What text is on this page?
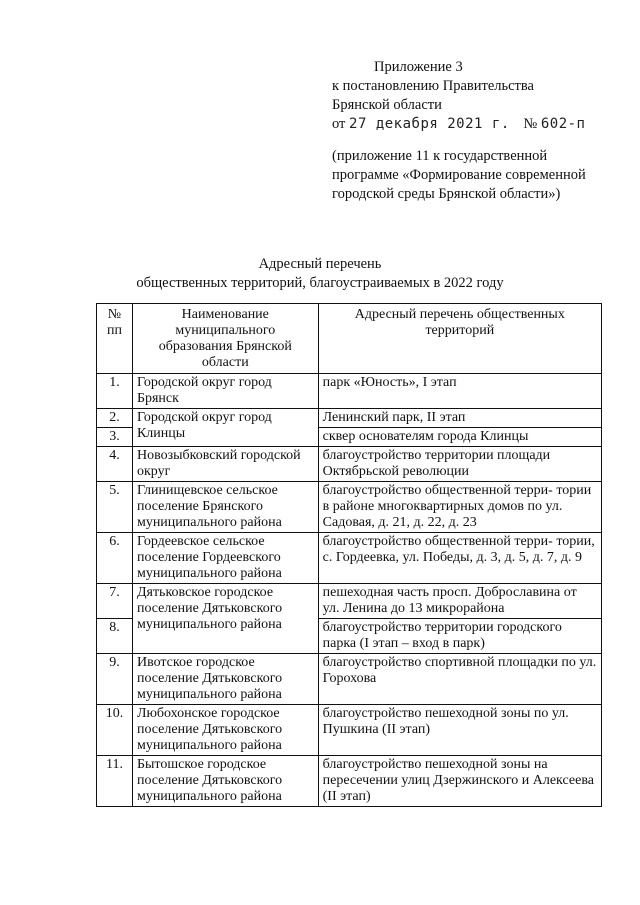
Приложение 3
к постановлению Правительства
Брянской области
от 27 декабря 2021 г. № 602-п
(приложение 11 к государственной
программе «Формирование современной
городской среды Брянской области»)
Адресный перечень
общественных территорий, благоустраиваемых в 2022 году
№ пп	Наименование муниципального образования Брянской области	Адресный перечень общественных территорий
1.	Городской округ город Брянск	парк «Юность», I этап
2.	Городской округ город Клинцы	Ленинский парк, II этап
3.		сквер основателям города Клинцы
4.	Новозыбковский городской округ	благоустройство территории площади Октябрьской революции
5.	Глинищевское сельское поселение Брянского муниципального района	благоустройство общественной терри- тории в районе многоквартирных домов по ул. Садовая, д. 21, д. 22, д. 23
6.	Гордеевское сельское поселение Гордеевского муниципального района	благоустройство общественной терри- тории, с. Гордеевка, ул. Победы, д. 3, д. 5, д. 7, д. 9
7.	Дятьковское городское поселение Дятьковского муниципального района	пешеходная часть просп. Доброславина от ул. Ленина до 13 микрорайона
8.		благоустройство территории городского парка (I этап – вход в парк)
9.	Ивотское городское поселение Дятьковского муниципального района	благоустройство спортивной площадки по ул. Горохова
10.	Любохонское городское поселение Дятьковского муниципального района	благоустройство пешеходной зоны по ул. Пушкина (II этап)
11.	Бытошское городское поселение Дятьковского муниципального района	благоустройство пешеходной зоны на пересечении улиц Дзержинского и Алексеева (II этап)
